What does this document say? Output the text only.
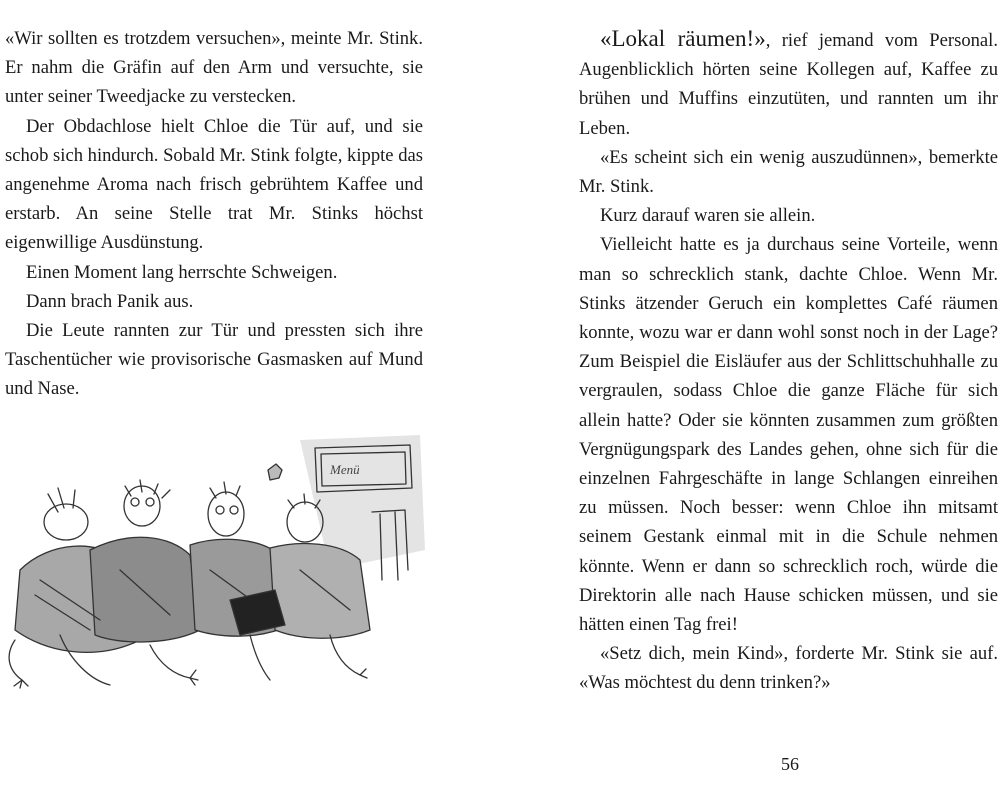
«Wir sollten es trotzdem versuchen», meinte Mr. Stink. Er nahm die Gräfin auf den Arm und versuchte, sie unter seiner Tweedjacke zu verstecken.

Der Obdachlose hielt Chloe die Tür auf, und sie schob sich hindurch. Sobald Mr. Stink folgte, kippte das angenehme Aroma nach frisch gebrühtem Kaffee und erstarb. An seine Stelle trat Mr. Stinks höchst eigenwillige Ausdünstung.

Einen Moment lang herrschte Schweigen.

Dann brach Panik aus.

Die Leute rannten zur Tür und pressten sich ihre Taschentücher wie provisorische Gasmasken auf Mund und Nase.

Menü

«Lokal räumen!», rief jemand vom Personal. Augenblicklich hörten seine Kollegen auf, Kaffee zu brühen und Muffins einzutüten, und rannten um ihr Leben.

«Es scheint sich ein wenig auszudünnen», bemerkte Mr. Stink.

Kurz darauf waren sie allein.

Vielleicht hatte es ja durchaus seine Vorteile, wenn man so schrecklich stank, dachte Chloe. Wenn Mr. Stinks ätzender Geruch ein komplettes Café räumen konnte, wozu war er dann wohl sonst noch in der Lage? Zum Beispiel die Eisläufer aus der Schlittschuhhalle zu vergraulen, sodass Chloe die ganze Fläche für sich allein hatte? Oder sie könnten zusammen zum größten Vergnügungspark des Landes gehen, ohne sich für die einzelnen Fahrgeschäfte in lange Schlangen einreihen zu müssen. Noch besser: wenn Chloe ihn mitsamt seinem Gestank einmal mit in die Schule nehmen könnte. Wenn er dann so schrecklich roch, würde die Direktorin alle nach Hause schicken müssen, und sie hätten einen Tag frei!

«Setz dich, mein Kind», forderte Mr. Stink sie auf. «Was möchtest du denn trinken?»

56
